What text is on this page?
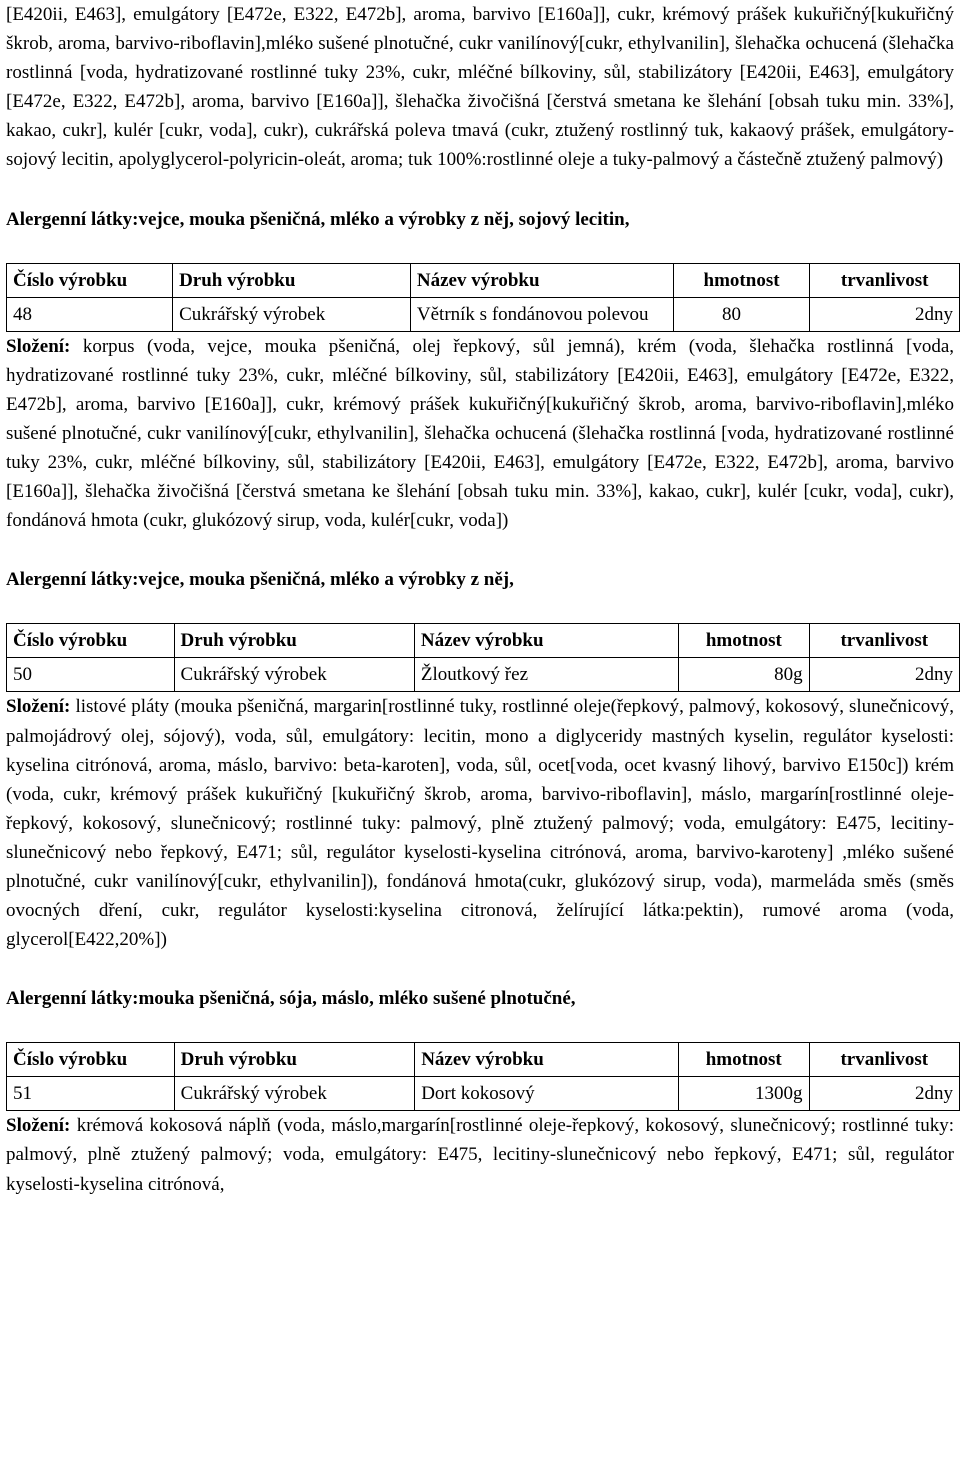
[E420ii, E463], emulgátory [E472e, E322, E472b], aroma, barvivo [E160a]], cukr, krémový prášek kukuřičný[kukuřičný škrob, aroma, barvivo-riboflavin],mléko sušené plnotučné, cukr vanilínový[cukr, ethylvanilin], šlehačka ochucená (šlehačka rostlinná [voda, hydratizované rostlinné tuky 23%, cukr, mléčné bílkoviny, sůl, stabilizátory [E420ii, E463], emulgátory [E472e, E322, E472b], aroma, barvivo [E160a]], šlehačka živočišná [čerstvá smetana ke šlehání [obsah tuku min. 33%], kakao, cukr], kulér [cukr, voda], cukr), cukrářská poleva tmavá (cukr, ztužený rostlinný tuk, kakaový prášek, emulgátory-sojový lecitin, apolyglycerol-polyricin-oleát, aroma; tuk 100%:rostlinné oleje a tuky-palmový a částečně ztužený palmový)

Alergenní látky:vejce, mouka pšeničná, mléko a výrobky z něj, sojový lecitin,

Číslo výrobku	Druh výrobku	Název výrobku	hmotnost	trvanlivost
48	Cukrářský výrobek	Větrník s fondánovou polevou	80	2dny

Složení: korpus (voda, vejce, mouka pšeničná, olej řepkový, sůl jemná), krém (voda, šlehačka rostlinná [voda, hydratizované rostlinné tuky 23%, cukr, mléčné bílkoviny, sůl, stabilizátory [E420ii, E463], emulgátory [E472e, E322, E472b], aroma, barvivo [E160a]], cukr, krémový prášek kukuřičný[kukuřičný škrob, aroma, barvivo-riboflavin],mléko sušené plnotučné, cukr vanilínový[cukr, ethylvanilin], šlehačka ochucená (šlehačka rostlinná [voda, hydratizované rostlinné tuky 23%, cukr, mléčné bílkoviny, sůl, stabilizátory [E420ii, E463], emulgátory [E472e, E322, E472b], aroma, barvivo [E160a]], šlehačka živočišná [čerstvá smetana ke šlehání [obsah tuku min. 33%], kakao, cukr], kulér [cukr, voda], cukr), fondánová hmota (cukr, glukózový sirup, voda, kulér[cukr, voda])

Alergenní látky:vejce, mouka pšeničná, mléko a výrobky z něj,

Číslo výrobku	Druh výrobku	Název výrobku	hmotnost	trvanlivost
50	Cukrářský výrobek	Žloutkový řez	80g	2dny

Složení: listové pláty (mouka pšeničná, margarin[rostlinné tuky, rostlinné oleje(řepkový, palmový, kokosový, slunečnicový, palmojádrový olej, sójový), voda, sůl, emulgátory: lecitin, mono a diglyceridy mastných kyselin, regulátor kyselosti: kyselina citrónová, aroma, máslo, barvivo: beta-karoten], voda, sůl, ocet[voda, ocet kvasný lihový, barvivo E150c]) krém (voda, cukr, krémový prášek kukuřičný [kukuřičný škrob, aroma, barvivo-riboflavin], máslo, margarín[rostlinné oleje-řepkový, kokosový, slunečnicový; rostlinné tuky: palmový, plně ztužený palmový; voda, emulgátory: E475, lecitiny-slunečnicový nebo řepkový, E471; sůl, regulátor kyselosti-kyselina citrónová, aroma, barvivo-karoteny] ,mléko sušené plnotučné, cukr vanilínový[cukr, ethylvanilin]), fondánová hmota(cukr, glukózový sirup, voda), marmeláda směs (směs ovocných dření, cukr, regulátor kyselosti:kyselina citronová, želírující látka:pektin), rumové aroma (voda, glycerol[E422,20%])

Alergenní látky:mouka pšeničná, sója, máslo, mléko sušené plnotučné,

Číslo výrobku	Druh výrobku	Název výrobku	hmotnost	trvanlivost
51	Cukrářský výrobek	Dort kokosový	1300g	2dny

Složení: krémová kokosová náplň (voda, máslo,margarín[rostlinné oleje-řepkový, kokosový, slunečnicový; rostlinné tuky: palmový, plně ztužený palmový; voda, emulgátory: E475, lecitiny-slunečnicový nebo řepkový, E471; sůl, regulátor kyselosti-kyselina citrónová,
